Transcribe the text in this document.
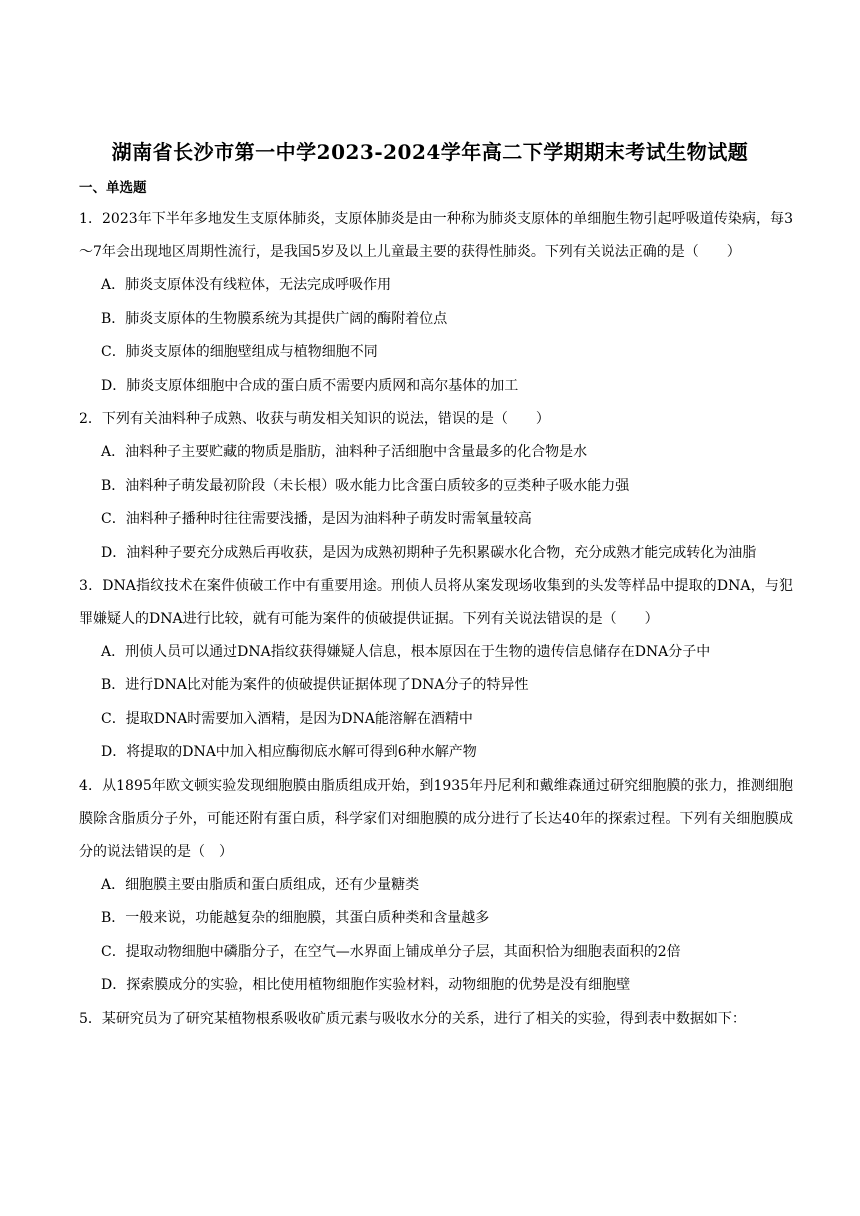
湖南省长沙市第一中学2023-2024学年高二下学期期末考试生物试题
一、单选题
1．2023年下半年多地发生支原体肺炎，支原体肺炎是由一种称为肺炎支原体的单细胞生物引起呼吸道传染病，每3～7年会出现地区周期性流行，是我国5岁及以上儿童最主要的获得性肺炎。下列有关说法正确的是（　　）
A．肺炎支原体没有线粒体，无法完成呼吸作用
B．肺炎支原体的生物膜系统为其提供广阔的酶附着位点
C．肺炎支原体的细胞壁组成与植物细胞不同
D．肺炎支原体细胞中合成的蛋白质不需要内质网和高尔基体的加工
2．下列有关油料种子成熟、收获与萌发相关知识的说法，错误的是（　　）
A．油料种子主要贮藏的物质是脂肪，油料种子活细胞中含量最多的化合物是水
B．油料种子萌发最初阶段（未长根）吸水能力比含蛋白质较多的豆类种子吸水能力强
C．油料种子播种时往往需要浅播，是因为油料种子萌发时需氧量较高
D．油料种子要充分成熟后再收获，是因为成熟初期种子先积累碳水化合物，充分成熟才能完成转化为油脂
3．DNA指纹技术在案件侦破工作中有重要用途。刑侦人员将从案发现场收集到的头发等样品中提取的DNA，与犯罪嫌疑人的DNA进行比较，就有可能为案件的侦破提供证据。下列有关说法错误的是（　　）
A．刑侦人员可以通过DNA指纹获得嫌疑人信息，根本原因在于生物的遗传信息储存在DNA分子中
B．进行DNA比对能为案件的侦破提供证据体现了DNA分子的特异性
C．提取DNA时需要加入酒精，是因为DNA能溶解在酒精中
D．将提取的DNA中加入相应酶彻底水解可得到6种水解产物
4．从1895年欧文顿实验发现细胞膜由脂质组成开始，到1935年丹尼利和戴维森通过研究细胞膜的张力，推测细胞膜除含脂质分子外，可能还附有蛋白质，科学家们对细胞膜的成分进行了长达40年的探索过程。下列有关细胞膜成分的说法错误的是（　）
A．细胞膜主要由脂质和蛋白质组成，还有少量糖类
B．一般来说，功能越复杂的细胞膜，其蛋白质种类和含量越多
C．提取动物细胞中磷脂分子，在空气—水界面上铺成单分子层，其面积恰为细胞表面积的2倍
D．探索膜成分的实验，相比使用植物细胞作实验材料，动物细胞的优势是没有细胞壁
5．某研究员为了研究某植物根系吸收矿质元素与吸收水分的关系，进行了相关的实验，得到表中数据如下：
